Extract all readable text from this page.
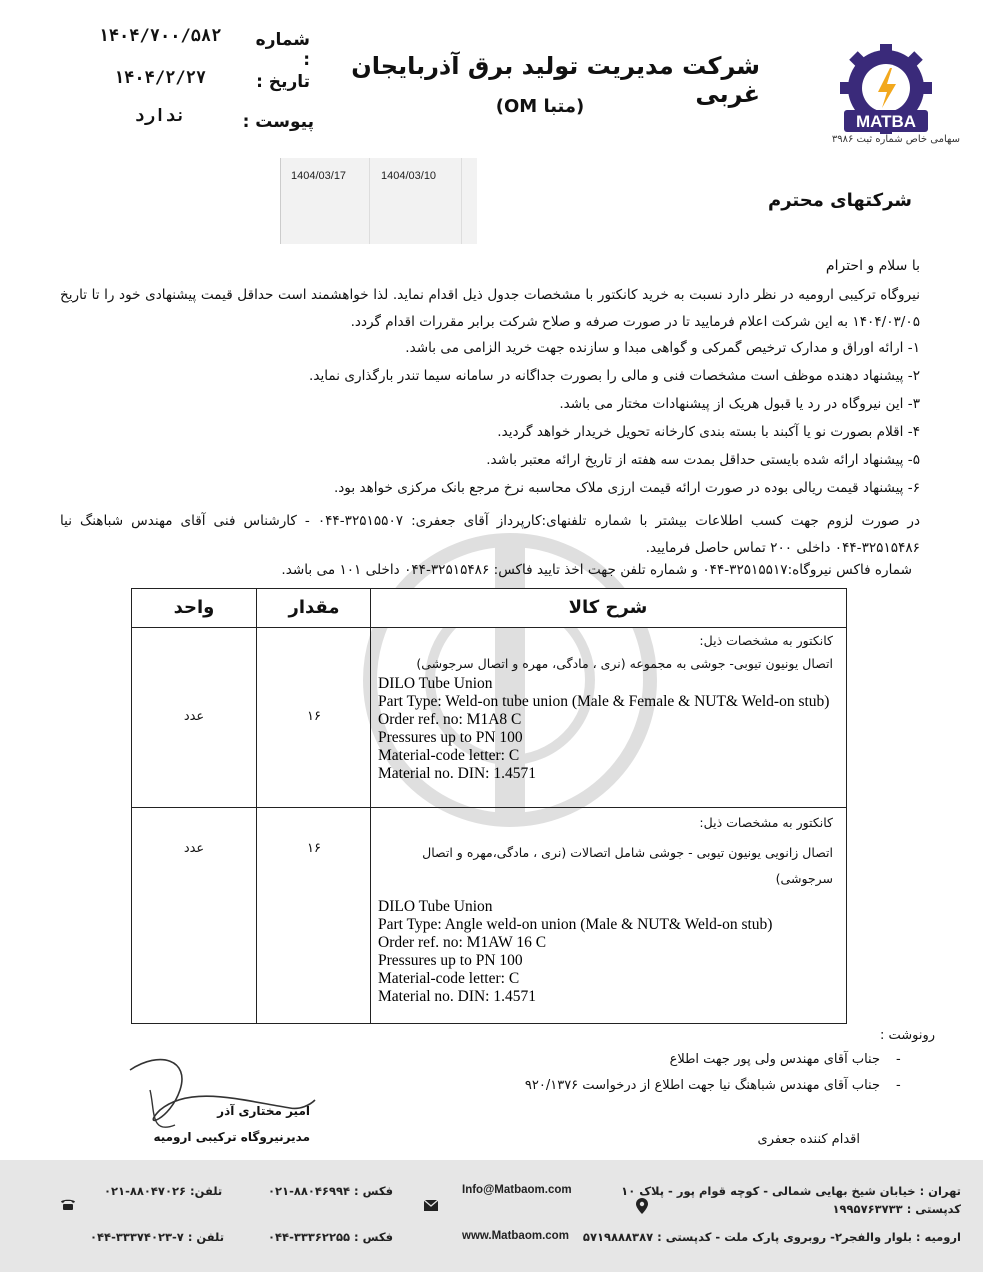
MATBA
سهامی خاص شماره ثبت ۳۹۸۶
شرکت مدیریت تولید برق آذربایجان غربی
(متبا OM)
شماره :
۱۴۰۴/۷۰۰/۵۸۲
تاریخ :
۱۴۰۴/۲/۲۷
پیوست :
ندارد
1404/03/17	1404/03/10
شرکتهای محترم
با سلام و احترام
نیروگاه ترکیبی ارومیه در نظر دارد نسبت به خرید کانکتور با مشخصات جدول ذیل اقدام نماید. لذا خواهشمند است حداقل قیمت پیشنهادی خود را تا تاریخ ۱۴۰۴/۰۳/۰۵ به این شرکت اعلام فرمایید تا در صورت صرفه و صلاح شرکت برابر مقررات اقدام گردد.
۱- ارائه اوراق و مدارک ترخیص گمرکی و گواهی مبدا و سازنده جهت خرید الزامی می باشد.
۲- پیشنهاد دهنده موظف است مشخصات فنی و مالی را بصورت جداگانه در سامانه سیما تندر بارگذاری نماید.
۳- این نیروگاه در رد یا قبول هریک از پیشنهادات مختار می باشد.
۴- اقلام بصورت نو یا آکبند با بسته بندی کارخانه تحویل خریدار خواهد گردید.
۵- پیشنهاد ارائه شده بایستی حداقل بمدت سه هفته از تاریخ ارائه معتبر باشد.
۶- پیشنهاد قیمت ریالی بوده در صورت ارائه قیمت ارزی ملاک محاسبه نرخ مرجع بانک مرکزی خواهد بود.
در صورت لزوم جهت کسب اطلاعات بیشتر با شماره تلفنهای:کارپرداز آقای جعفری: ۳۲۵۱۵۵۰۷-۰۴۴ - کارشناس فنی آقای مهندس شباهنگ نیا ۳۲۵۱۵۴۸۶-۰۴۴ داخلی ۲۰۰ تماس حاصل فرمایید.
شماره فاکس نیروگاه:۳۲۵۱۵۵۱۷-۰۴۴ و شماره تلفن جهت اخذ تایید فاکس: ۳۲۵۱۵۴۸۶-۰۴۴ داخلی ۱۰۱ می باشد.
شرح کالا
مقدار
واحد
کانکتور به مشخصات ذیل:
اتصال یونیون تیوبی- جوشی به مجموعه (نری ، مادگی، مهره و اتصال سرجوشی)
DILO Tube Union
Part Type: Weld-on tube union (Male & Female & NUT& Weld-on stub)
Order ref. no: M1A8 C
Pressures up to PN 100
Material-code letter: C
Material no. DIN: 1.4571
۱۶
عدد
کانکتور به مشخصات ذیل:
اتصال زانویی یونیون تیوبی - جوشی شامل اتصالات (نری ، مادگی،مهره و اتصال سرجوشی)
DILO Tube Union
Part Type: Angle weld-on union (Male & NUT& Weld-on stub)
Order ref. no: M1AW 16 C
Pressures up to PN 100
Material-code letter: C
Material no. DIN: 1.4571
۱۶
عدد
رونوشت :
جناب آقای مهندس ولی پور جهت اطلاع -
جناب آقای مهندس شباهنگ نیا جهت اطلاع از درخواست ۹۲۰/۱۳۷۶ -
اقدام کننده جعفری
امیر مختاری آذر
مدیرنیروگاه ترکیبی ارومیه
تهران : خیابان شیخ بهایی شمالی - کوچه قوام پور - پلاک ۱۰
کدپستی : ۱۹۹۵۷۶۳۷۳۳
Info@Matbaom.com
فکس : ۸۸۰۴۶۹۹۴-۰۲۱
تلفن: ۸۸۰۴۷۰۲۶-۰۲۱
ارومیه : بلوار والفجر۲- روبروی پارک ملت - کدپستی : ۵۷۱۹۸۸۸۳۸۷
www.Matbaom.com
فکس : ۳۳۳۶۲۲۵۵-۰۴۴
تلفن : ۷-۳۳۳۷۴۰۲۳-۰۴۴
